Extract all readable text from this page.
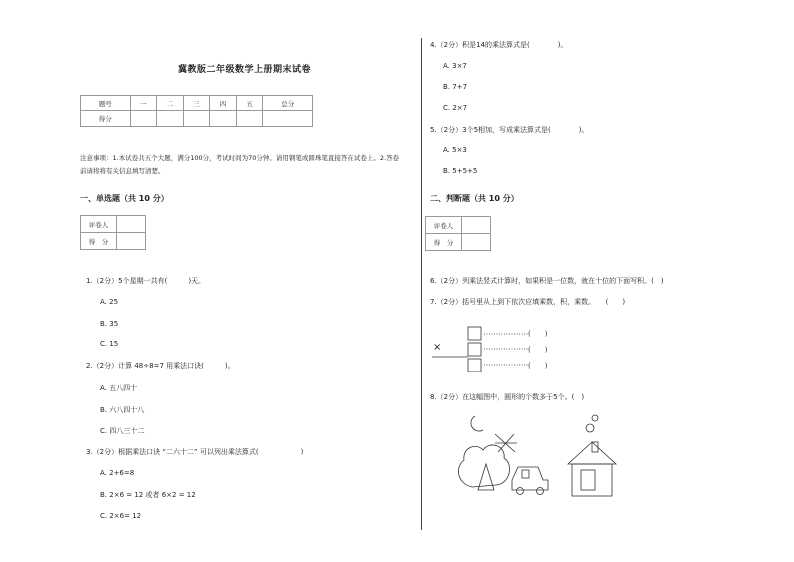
冀教版二年级数学上册期末试卷
题号	一	二	三	四	五	总分
得分						
注意事项：1.本试卷共五个大题，满分100分，考试时间为70分钟。请用钢笔或圆珠笔直接答在试卷上。2.答卷前请将将有关信息填写清楚。
一、单选题（共 10 分）
评卷人	
得　分	
1.（2分）5个星期一共有(　　　)天。
A. 25
B. 35
C. 15
2.（2分）计算 48÷8=7 用乘法口诀(　　　)。
A. 五八四十
B. 六八四十八
C. 四八三十二
3.（2分）根据乘法口诀 “二六十二” 可以列出乘法算式(　　　　　　)
A. 2+6=8
B. 2×6 = 12 或者 6×2 = 12
C. 2×6= 12
4.（2分）积是14的乘法算式是(　　　　)。
A. 3×7
B. 7+7
C. 2×7
5.（2分）3个5相加，写成乘法算式是(　　　　)。
A. 5×3
B. 5+5+5
二、判断题（共 10 分）
评卷人	
得　分	
6.（2分）列乘法竖式计算时，如果积是一位数，就在十位的下面写积。(　)
7.（2分）括号里从上到下依次应填乘数，积，乘数。　　(　　)
×
(　　)
(　　)
(　　)
8.（2分）在这幅图中，圆形的个数多于5个。(　)
